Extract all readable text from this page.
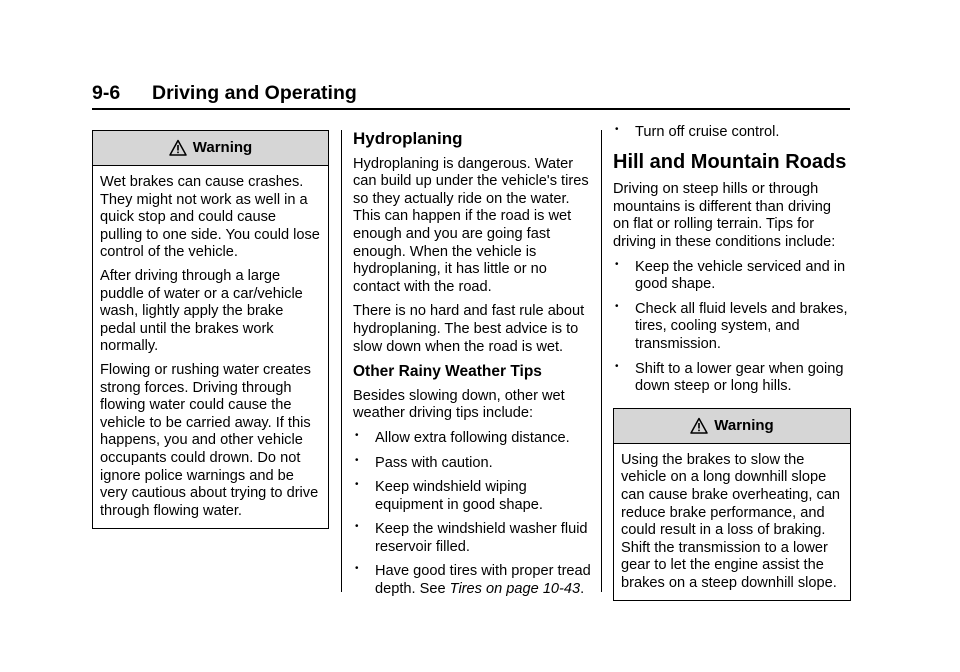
9-6 Driving and Operating
Warning

Wet brakes can cause crashes. They might not work as well in a quick stop and could cause pulling to one side. You could lose control of the vehicle.

After driving through a large puddle of water or a car/vehicle wash, lightly apply the brake pedal until the brakes work normally.

Flowing or rushing water creates strong forces. Driving through flowing water could cause the vehicle to be carried away. If this happens, you and other vehicle occupants could drown. Do not ignore police warnings and be very cautious about trying to drive through flowing water.

Hydroplaning

Hydroplaning is dangerous. Water can build up under the vehicle's tires so they actually ride on the water. This can happen if the road is wet enough and you are going fast enough. When the vehicle is hydroplaning, it has little or no contact with the road.

There is no hard and fast rule about hydroplaning. The best advice is to slow down when the road is wet.

Other Rainy Weather Tips

Besides slowing down, other wet weather driving tips include:

• Allow extra following distance.
• Pass with caution.
• Keep windshield wiping equipment in good shape.
• Keep the windshield washer fluid reservoir filled.
• Have good tires with proper tread depth. See Tires on page 10-43.
• Turn off cruise control.
Hill and Mountain Roads

Driving on steep hills or through mountains is different than driving on flat or rolling terrain. Tips for driving in these conditions include:

• Keep the vehicle serviced and in good shape.
• Check all fluid levels and brakes, tires, cooling system, and transmission.
• Shift to a lower gear when going down steep or long hills.
Warning

Using the brakes to slow the vehicle on a long downhill slope can cause brake overheating, can reduce brake performance, and could result in a loss of braking. Shift the transmission to a lower gear to let the engine assist the brakes on a steep downhill slope.
